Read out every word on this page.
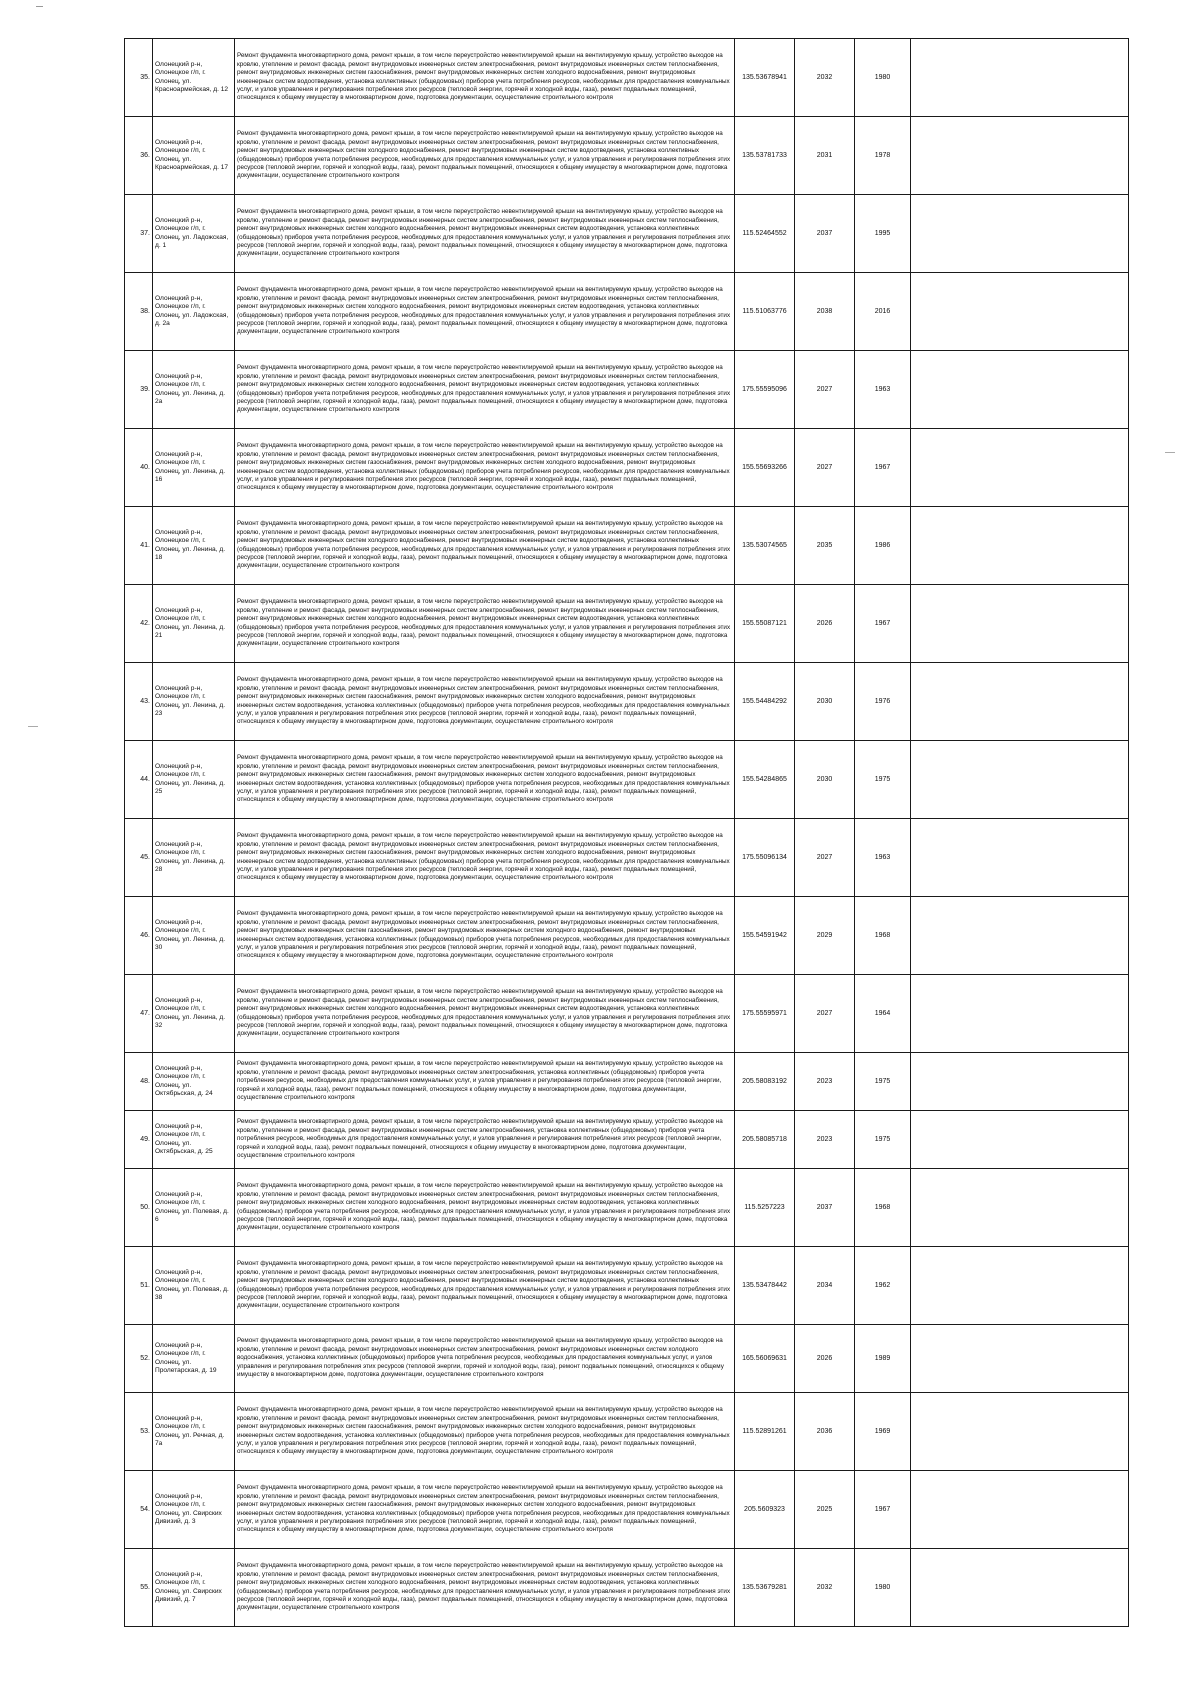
35.	Олонецкий р-н, Олонецкое г/п, г. Олонец, ул. Красноармейская, д. 12	Ремонт фундамента многоквартирного дома, ремонт крыши, в том числе переустройство невентилируемой крыши на вентилируемую крышу, устройство выходов на кровлю, утепление и ремонт фасада, ремонт внутридомовых инженерных систем электроснабжения, ремонт внутридомовых инженерных систем теплоснабжения, ремонт внутридомовых инженерных систем газоснабжения, ремонт внутридомовых инженерных систем холодного водоснабжения, ремонт внутридомовых инженерных систем водоотведения, установка коллективных (общедомовых) приборов учета потребления ресурсов, необходимых для предоставления коммунальных услуг, и узлов управления и регулирования потребления этих ресурсов (тепловой энергии, горячей и холодной воды, газа), ремонт подвальных помещений, относящихся к общему имуществу в многоквартирном доме, подготовка документации, осуществление строительного контроля	135.53678941	2032	1980	
36.	Олонецкий р-н, Олонецкое г/п, г. Олонец, ул. Красноармейская, д. 17	Ремонт фундамента многоквартирного дома, ремонт крыши, в том числе переустройство невентилируемой крыши на вентилируемую крышу, устройство выходов на кровлю, утепление и ремонт фасада, ремонт внутридомовых инженерных систем электроснабжения, ремонт внутридомовых инженерных систем теплоснабжения, ремонт внутридомовых инженерных систем холодного водоснабжения, ремонт внутридомовых инженерных систем водоотведения, установка коллективных (общедомовых) приборов учета потребления ресурсов, необходимых для предоставления коммунальных услуг, и узлов управления и регулирования потребления этих ресурсов (тепловой энергии, горячей и холодной воды, газа), ремонт подвальных помещений, относящихся к общему имуществу в многоквартирном доме, подготовка документации, осуществление строительного контроля	135.53781733	2031	1978	
37.	Олонецкий р-н, Олонецкое г/п, г. Олонец, ул. Ладожская, д. 1	Ремонт фундамента многоквартирного дома, ремонт крыши, в том числе переустройство невентилируемой крыши на вентилируемую крышу, устройство выходов на кровлю, утепление и ремонт фасада, ремонт внутридомовых инженерных систем электроснабжения, ремонт внутридомовых инженерных систем теплоснабжения, ремонт внутридомовых инженерных систем холодного водоснабжения, ремонт внутридомовых инженерных систем водоотведения, установка коллективных (общедомовых) приборов учета потребления ресурсов, необходимых для предоставления коммунальных услуг, и узлов управления и регулирования потребления этих ресурсов (тепловой энергии, горячей и холодной воды, газа), ремонт подвальных помещений, относящихся к общему имуществу в многоквартирном доме, подготовка документации, осуществление строительного контроля	115.52464552	2037	1995	
38.	Олонецкий р-н, Олонецкое г/п, г. Олонец, ул. Ладожская, д. 2а	Ремонт фундамента многоквартирного дома, ремонт крыши, в том числе переустройство невентилируемой крыши на вентилируемую крышу, устройство выходов на кровлю, утепление и ремонт фасада, ремонт внутридомовых инженерных систем электроснабжения, ремонт внутридомовых инженерных систем теплоснабжения, ремонт внутридомовых инженерных систем холодного водоснабжения, ремонт внутридомовых инженерных систем водоотведения, установка коллективных (общедомовых) приборов учета потребления ресурсов, необходимых для предоставления коммунальных услуг, и узлов управления и регулирования потребления этих ресурсов (тепловой энергии, горячей и холодной воды, газа), ремонт подвальных помещений, относящихся к общему имуществу в многоквартирном доме, подготовка документации, осуществление строительного контроля	115.51063776	2038	2016	
39.	Олонецкий р-н, Олонецкое г/п, г. Олонец, ул. Ленина, д. 2а	Ремонт фундамента многоквартирного дома, ремонт крыши, в том числе переустройство невентилируемой крыши на вентилируемую крышу, устройство выходов на кровлю, утепление и ремонт фасада, ремонт внутридомовых инженерных систем электроснабжения, ремонт внутридомовых инженерных систем теплоснабжения, ремонт внутридомовых инженерных систем холодного водоснабжения, ремонт внутридомовых инженерных систем водоотведения, установка коллективных (общедомовых) приборов учета потребления ресурсов, необходимых для предоставления коммунальных услуг, и узлов управления и регулирования потребления этих ресурсов (тепловой энергии, горячей и холодной воды, газа), ремонт подвальных помещений, относящихся к общему имуществу в многоквартирном доме, подготовка документации, осуществление строительного контроля	175.55595096	2027	1963	
40.	Олонецкий р-н, Олонецкое г/п, г. Олонец, ул. Ленина, д. 16	Ремонт фундамента многоквартирного дома, ремонт крыши, в том числе переустройство невентилируемой крыши на вентилируемую крышу, устройство выходов на кровлю, утепление и ремонт фасада, ремонт внутридомовых инженерных систем электроснабжения, ремонт внутридомовых инженерных систем теплоснабжения, ремонт внутридомовых инженерных систем газоснабжения, ремонт внутридомовых инженерных систем холодного водоснабжения, ремонт внутридомовых инженерных систем водоотведения, установка коллективных (общедомовых) приборов учета потребления ресурсов, необходимых для предоставления коммунальных услуг, и узлов управления и регулирования потребления этих ресурсов (тепловой энергии, горячей и холодной воды, газа), ремонт подвальных помещений, относящихся к общему имуществу в многоквартирном доме, подготовка документации, осуществление строительного контроля	155.55693266	2027	1967	
41.	Олонецкий р-н, Олонецкое г/п, г. Олонец, ул. Ленина, д. 18	Ремонт фундамента многоквартирного дома, ремонт крыши, в том числе переустройство невентилируемой крыши на вентилируемую крышу, устройство выходов на кровлю, утепление и ремонт фасада, ремонт внутридомовых инженерных систем электроснабжения, ремонт внутридомовых инженерных систем теплоснабжения, ремонт внутридомовых инженерных систем холодного водоснабжения, ремонт внутридомовых инженерных систем водоотведения, установка коллективных (общедомовых) приборов учета потребления ресурсов, необходимых для предоставления коммунальных услуг, и узлов управления и регулирования потребления этих ресурсов (тепловой энергии, горячей и холодной воды, газа), ремонт подвальных помещений, относящихся к общему имуществу в многоквартирном доме, подготовка документации, осуществление строительного контроля	135.53074565	2035	1986	
42.	Олонецкий р-н, Олонецкое г/п, г. Олонец, ул. Ленина, д. 21	Ремонт фундамента многоквартирного дома, ремонт крыши, в том числе переустройство невентилируемой крыши на вентилируемую крышу, устройство выходов на кровлю, утепление и ремонт фасада, ремонт внутридомовых инженерных систем электроснабжения, ремонт внутридомовых инженерных систем теплоснабжения, ремонт внутридомовых инженерных систем холодного водоснабжения, ремонт внутридомовых инженерных систем водоотведения, установка коллективных (общедомовых) приборов учета потребления ресурсов, необходимых для предоставления коммунальных услуг, и узлов управления и регулирования потребления этих ресурсов (тепловой энергии, горячей и холодной воды, газа), ремонт подвальных помещений, относящихся к общему имуществу в многоквартирном доме, подготовка документации, осуществление строительного контроля	155.55087121	2026	1967	
43.	Олонецкий р-н, Олонецкое г/п, г. Олонец, ул. Ленина, д. 23	Ремонт фундамента многоквартирного дома, ремонт крыши, в том числе переустройство невентилируемой крыши на вентилируемую крышу, устройство выходов на кровлю, утепление и ремонт фасада, ремонт внутридомовых инженерных систем электроснабжения, ремонт внутридомовых инженерных систем теплоснабжения, ремонт внутридомовых инженерных систем газоснабжения, ремонт внутридомовых инженерных систем холодного водоснабжения, ремонт внутридомовых инженерных систем водоотведения, установка коллективных (общедомовых) приборов учета потребления ресурсов, необходимых для предоставления коммунальных услуг, и узлов управления и регулирования потребления этих ресурсов (тепловой энергии, горячей и холодной воды, газа), ремонт подвальных помещений, относящихся к общему имуществу в многоквартирном доме, подготовка документации, осуществление строительного контроля	155.54484292	2030	1976	
44.	Олонецкий р-н, Олонецкое г/п, г. Олонец, ул. Ленина, д. 25	Ремонт фундамента многоквартирного дома, ремонт крыши, в том числе переустройство невентилируемой крыши на вентилируемую крышу, устройство выходов на кровлю, утепление и ремонт фасада, ремонт внутридомовых инженерных систем электроснабжения, ремонт внутридомовых инженерных систем теплоснабжения, ремонт внутридомовых инженерных систем газоснабжения, ремонт внутридомовых инженерных систем холодного водоснабжения, ремонт внутридомовых инженерных систем водоотведения, установка коллективных (общедомовых) приборов учета потребления ресурсов, необходимых для предоставления коммунальных услуг, и узлов управления и регулирования потребления этих ресурсов (тепловой энергии, горячей и холодной воды, газа), ремонт подвальных помещений, относящихся к общему имуществу в многоквартирном доме, подготовка документации, осуществление строительного контроля	155.54284865	2030	1975	
45.	Олонецкий р-н, Олонецкое г/п, г. Олонец, ул. Ленина, д. 28	Ремонт фундамента многоквартирного дома, ремонт крыши, в том числе переустройство невентилируемой крыши на вентилируемую крышу, устройство выходов на кровлю, утепление и ремонт фасада, ремонт внутридомовых инженерных систем электроснабжения, ремонт внутридомовых инженерных систем теплоснабжения, ремонт внутридомовых инженерных систем газоснабжения, ремонт внутридомовых инженерных систем холодного водоснабжения, ремонт внутридомовых инженерных систем водоотведения, установка коллективных (общедомовых) приборов учета потребления ресурсов, необходимых для предоставления коммунальных услуг, и узлов управления и регулирования потребления этих ресурсов (тепловой энергии, горячей и холодной воды, газа), ремонт подвальных помещений, относящихся к общему имуществу в многоквартирном доме, подготовка документации, осуществление строительного контроля	175.55096134	2027	1963	
46.	Олонецкий р-н, Олонецкое г/п, г. Олонец, ул. Ленина, д. 30	Ремонт фундамента многоквартирного дома, ремонт крыши, в том числе переустройство невентилируемой крыши на вентилируемую крышу, устройство выходов на кровлю, утепление и ремонт фасада, ремонт внутридомовых инженерных систем электроснабжения, ремонт внутридомовых инженерных систем теплоснабжения, ремонт внутридомовых инженерных систем газоснабжения, ремонт внутридомовых инженерных систем холодного водоснабжения, ремонт внутридомовых инженерных систем водоотведения, установка коллективных (общедомовых) приборов учета потребления ресурсов, необходимых для предоставления коммунальных услуг, и узлов управления и регулирования потребления этих ресурсов (тепловой энергии, горячей и холодной воды, газа), ремонт подвальных помещений, относящихся к общему имуществу в многоквартирном доме, подготовка документации, осуществление строительного контроля	155.54591942	2029	1968	
47.	Олонецкий р-н, Олонецкое г/п, г. Олонец, ул. Ленина, д. 32	Ремонт фундамента многоквартирного дома, ремонт крыши, в том числе переустройство невентилируемой крыши на вентилируемую крышу, устройство выходов на кровлю, утепление и ремонт фасада, ремонт внутридомовых инженерных систем электроснабжения, ремонт внутридомовых инженерных систем теплоснабжения, ремонт внутридомовых инженерных систем холодного водоснабжения, ремонт внутридомовых инженерных систем водоотведения, установка коллективных (общедомовых) приборов учета потребления ресурсов, необходимых для предоставления коммунальных услуг, и узлов управления и регулирования потребления этих ресурсов (тепловой энергии, горячей и холодной воды, газа), ремонт подвальных помещений, относящихся к общему имуществу в многоквартирном доме, подготовка документации, осуществление строительного контроля	175.55595971	2027	1964	
48.	Олонецкий р-н, Олонецкое г/п, г. Олонец, ул. Октябрьская, д. 24	Ремонт фундамента многоквартирного дома, ремонт крыши, в том числе переустройство невентилируемой крыши на вентилируемую крышу, устройство выходов на кровлю, утепление и ремонт фасада, ремонт внутридомовых инженерных систем электроснабжения, установка коллективных (общедомовых) приборов учета потребления ресурсов, необходимых для предоставления коммунальных услуг, и узлов управления и регулирования потребления этих ресурсов (тепловой энергии, горячей и холодной воды, газа), ремонт подвальных помещений, относящихся к общему имуществу в многоквартирном доме, подготовка документации, осуществление строительного контроля	205.58083192	2023	1975	
49.	Олонецкий р-н, Олонецкое г/п, г. Олонец, ул. Октябрьская, д. 25	Ремонт фундамента многоквартирного дома, ремонт крыши, в том числе переустройство невентилируемой крыши на вентилируемую крышу, устройство выходов на кровлю, утепление и ремонт фасада, ремонт внутридомовых инженерных систем электроснабжения, установка коллективных (общедомовых) приборов учета потребления ресурсов, необходимых для предоставления коммунальных услуг, и узлов управления и регулирования потребления этих ресурсов (тепловой энергии, горячей и холодной воды, газа), ремонт подвальных помещений, относящихся к общему имуществу в многоквартирном доме, подготовка документации, осуществление строительного контроля	205.58085718	2023	1975	
50.	Олонецкий р-н, Олонецкое г/п, г. Олонец, ул. Полевая, д. 6	Ремонт фундамента многоквартирного дома, ремонт крыши, в том числе переустройство невентилируемой крыши на вентилируемую крышу, устройство выходов на кровлю, утепление и ремонт фасада, ремонт внутридомовых инженерных систем электроснабжения, ремонт внутридомовых инженерных систем теплоснабжения, ремонт внутридомовых инженерных систем холодного водоснабжения, ремонт внутридомовых инженерных систем водоотведения, установка коллективных (общедомовых) приборов учета потребления ресурсов, необходимых для предоставления коммунальных услуг, и узлов управления и регулирования потребления этих ресурсов (тепловой энергии, горячей и холодной воды, газа), ремонт подвальных помещений, относящихся к общему имуществу в многоквартирном доме, подготовка документации, осуществление строительного контроля	115.5257223	2037	1968	
51.	Олонецкий р-н, Олонецкое г/п, г. Олонец, ул. Полевая, д. 38	Ремонт фундамента многоквартирного дома, ремонт крыши, в том числе переустройство невентилируемой крыши на вентилируемую крышу, устройство выходов на кровлю, утепление и ремонт фасада, ремонт внутридомовых инженерных систем электроснабжения, ремонт внутридомовых инженерных систем теплоснабжения, ремонт внутридомовых инженерных систем холодного водоснабжения, ремонт внутридомовых инженерных систем водоотведения, установка коллективных (общедомовых) приборов учета потребления ресурсов, необходимых для предоставления коммунальных услуг, и узлов управления и регулирования потребления этих ресурсов (тепловой энергии, горячей и холодной воды, газа), ремонт подвальных помещений, относящихся к общему имуществу в многоквартирном доме, подготовка документации, осуществление строительного контроля	135.53478442	2034	1962	
52.	Олонецкий р-н, Олонецкое г/п, г. Олонец, ул. Пролетарская, д. 19	Ремонт фундамента многоквартирного дома, ремонт крыши, в том числе переустройство невентилируемой крыши на вентилируемую крышу, устройство выходов на кровлю, утепление и ремонт фасада, ремонт внутридомовых инженерных систем электроснабжения, ремонт внутридомовых инженерных систем холодного водоснабжения, установка коллективных (общедомовых) приборов учета потребления ресурсов, необходимых для предоставления коммунальных услуг, и узлов управления и регулирования потребления этих ресурсов (тепловой энергии, горячей и холодной воды, газа), ремонт подвальных помещений, относящихся к общему имуществу в многоквартирном доме, подготовка документации, осуществление строительного контроля	165.56069631	2026	1989	
53.	Олонецкий р-н, Олонецкое г/п, г. Олонец, ул. Речная, д. 7а	Ремонт фундамента многоквартирного дома, ремонт крыши, в том числе переустройство невентилируемой крыши на вентилируемую крышу, устройство выходов на кровлю, утепление и ремонт фасада, ремонт внутридомовых инженерных систем электроснабжения, ремонт внутридомовых инженерных систем теплоснабжения, ремонт внутридомовых инженерных систем газоснабжения, ремонт внутридомовых инженерных систем холодного водоснабжения, ремонт внутридомовых инженерных систем водоотведения, установка коллективных (общедомовых) приборов учета потребления ресурсов, необходимых для предоставления коммунальных услуг, и узлов управления и регулирования потребления этих ресурсов (тепловой энергии, горячей и холодной воды, газа), ремонт подвальных помещений, относящихся к общему имуществу в многоквартирном доме, подготовка документации, осуществление строительного контроля	115.52891261	2036	1969	
54.	Олонецкий р-н, Олонецкое г/п, г. Олонец, ул. Свирских Дивизий, д. 3	Ремонт фундамента многоквартирного дома, ремонт крыши, в том числе переустройство невентилируемой крыши на вентилируемую крышу, устройство выходов на кровлю, утепление и ремонт фасада, ремонт внутридомовых инженерных систем электроснабжения, ремонт внутридомовых инженерных систем теплоснабжения, ремонт внутридомовых инженерных систем газоснабжения, ремонт внутридомовых инженерных систем холодного водоснабжения, ремонт внутридомовых инженерных систем водоотведения, установка коллективных (общедомовых) приборов учета потребления ресурсов, необходимых для предоставления коммунальных услуг, и узлов управления и регулирования потребления этих ресурсов (тепловой энергии, горячей и холодной воды, газа), ремонт подвальных помещений, относящихся к общему имуществу в многоквартирном доме, подготовка документации, осуществление строительного контроля	205.5609323	2025	1967	
55.	Олонецкий р-н, Олонецкое г/п, г. Олонец, ул. Свирских Дивизий, д. 7	Ремонт фундамента многоквартирного дома, ремонт крыши, в том числе переустройство невентилируемой крыши на вентилируемую крышу, устройство выходов на кровлю, утепление и ремонт фасада, ремонт внутридомовых инженерных систем электроснабжения, ремонт внутридомовых инженерных систем теплоснабжения, ремонт внутридомовых инженерных систем холодного водоснабжения, ремонт внутридомовых инженерных систем водоотведения, установка коллективных (общедомовых) приборов учета потребления ресурсов, необходимых для предоставления коммунальных услуг, и узлов управления и регулирования потребления этих ресурсов (тепловой энергии, горячей и холодной воды, газа), ремонт подвальных помещений, относящихся к общему имуществу в многоквартирном доме, подготовка документации, осуществление строительного контроля	135.53679281	2032	1980	
